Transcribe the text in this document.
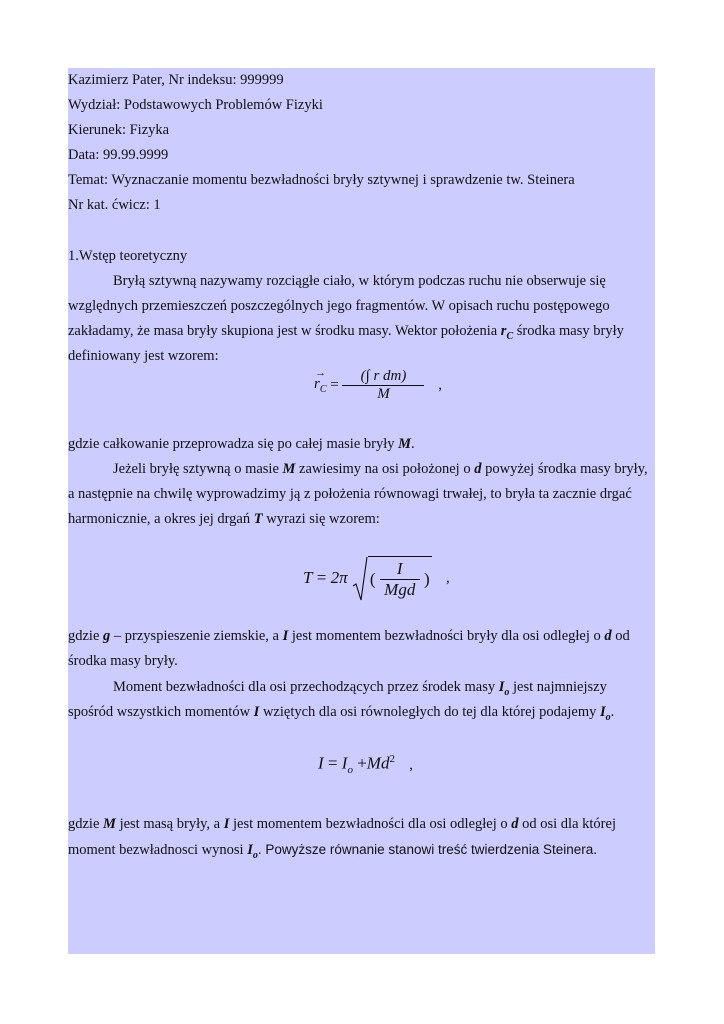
Kazimierz Pater, Nr indeksu: 999999
Wydział: Podstawowych Problemów Fizyki
Kierunek: Fizyka
Data: 99.99.9999
Temat: Wyznaczanie momentu bezwładności bryły sztywnej i sprawdzenie tw. Steinera
Nr kat. ćwicz: 1
1.Wstęp teoretyczny
Bryłą sztywną nazywamy rozciągłe ciało, w którym podczas ruchu nie obserwuje się
względnych przemieszczeń poszczególnych jego fragmentów. W opisach ruchu postępowego
zakładamy, że masa bryły skupiona jest w środku masy. Wektor położenia $r_C$ środka masy bryły
definiowany jest wzorem:
→
$r_C = \frac{\text{(∫ r dm)}}{M}$ ,
gdzie całkowanie przeprowadza się po całej masie bryły M.
Jeżeli bryłę sztywną o masie M zawiesimy na osi położonej o d powyżej środka masy bryły,
a następnie na chwilę wyprowadzimy ją z położenia równowagi trwałej, to bryła ta zacznie drgać
harmonicznie, a okres jej drgań T wyrazi się wzorem:
T = 2π ( $\frac{I}{\text{Mgd}}$ ) ,
gdzie g – przyspieszenie ziemskie, a I jest momentem bezwładności bryły dla osi odległej o d od
środka masy bryły.
Moment bezwładności dla osi przechodzących przez środek masy $I_o$ jest najmniejszy
spośród wszystkich momentów I wziętych dla osi równoległych do tej dla której podajemy $I_o$.
$I = I_o +Md^2$ ,
gdzie M jest masą bryły, a I jest momentem bezwładności dla osi odległej o d od osi dla której
moment bezwładnosci wynosi $I_o$. Powyższe równanie stanowi treść twierdzenia Steinera.
